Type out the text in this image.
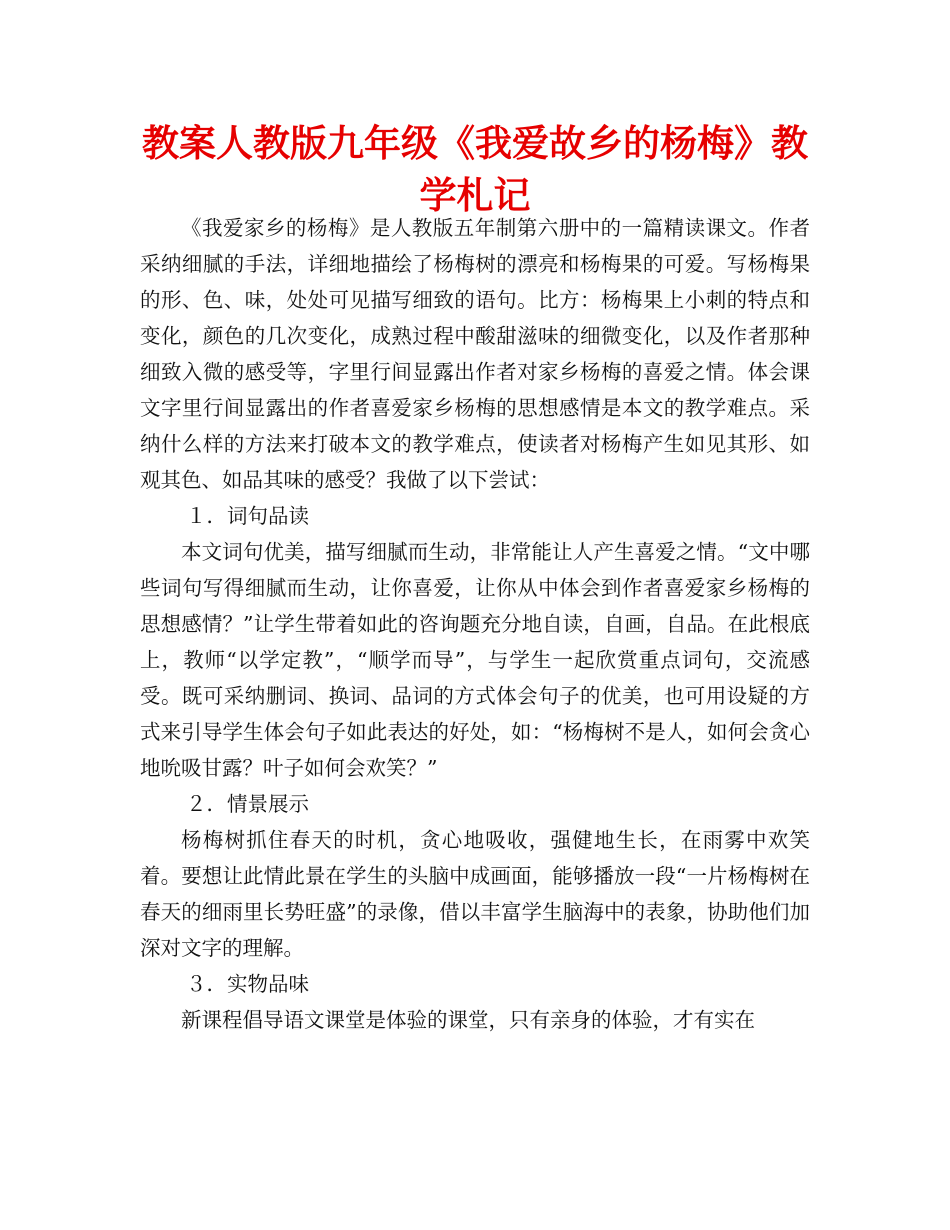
教案人教版九年级《我爱故乡的杨梅》教学札记

《我爱家乡的杨梅》是人教版五年制第六册中的一篇精读课文。作者采纳细腻的手法，详细地描绘了杨梅树的漂亮和杨梅果的可爱。写杨梅果的形、色、味，处处可见描写细致的语句。比方：杨梅果上小刺的特点和变化，颜色的几次变化，成熟过程中酸甜滋味的细微变化，以及作者那种细致入微的感受等，字里行间显露出作者对家乡杨梅的喜爱之情。体会课文字里行间显露出的作者喜爱家乡杨梅的思想感情是本文的教学难点。采纳什么样的方法来打破本文的教学难点，使读者对杨梅产生如见其形、如观其色、如品其味的感受？我做了以下尝试：

１．词句品读

本文词句优美，描写细腻而生动，非常能让人产生喜爱之情。“文中哪些词句写得细腻而生动，让你喜爱，让你从中体会到作者喜爱家乡杨梅的思想感情？”让学生带着如此的咨询题充分地自读，自画，自品。在此根底上，教师“以学定教”，“顺学而导”，与学生一起欣赏重点词句，交流感受。既可采纳删词、换词、品词的方式体会句子的优美，也可用设疑的方式来引导学生体会句子如此表达的好处，如：“杨梅树不是人，如何会贪心地吮吸甘露？叶子如何会欢笑？”

２．情景展示

杨梅树抓住春天的时机，贪心地吸收，强健地生长，在雨雾中欢笑着。要想让此情此景在学生的头脑中成画面，能够播放一段“一片杨梅树在春天的细雨里长势旺盛”的录像，借以丰富学生脑海中的表象，协助他们加深对文字的理解。

３．实物品味

新课程倡导语文课堂是体验的课堂，只有亲身的体验，才有实在
